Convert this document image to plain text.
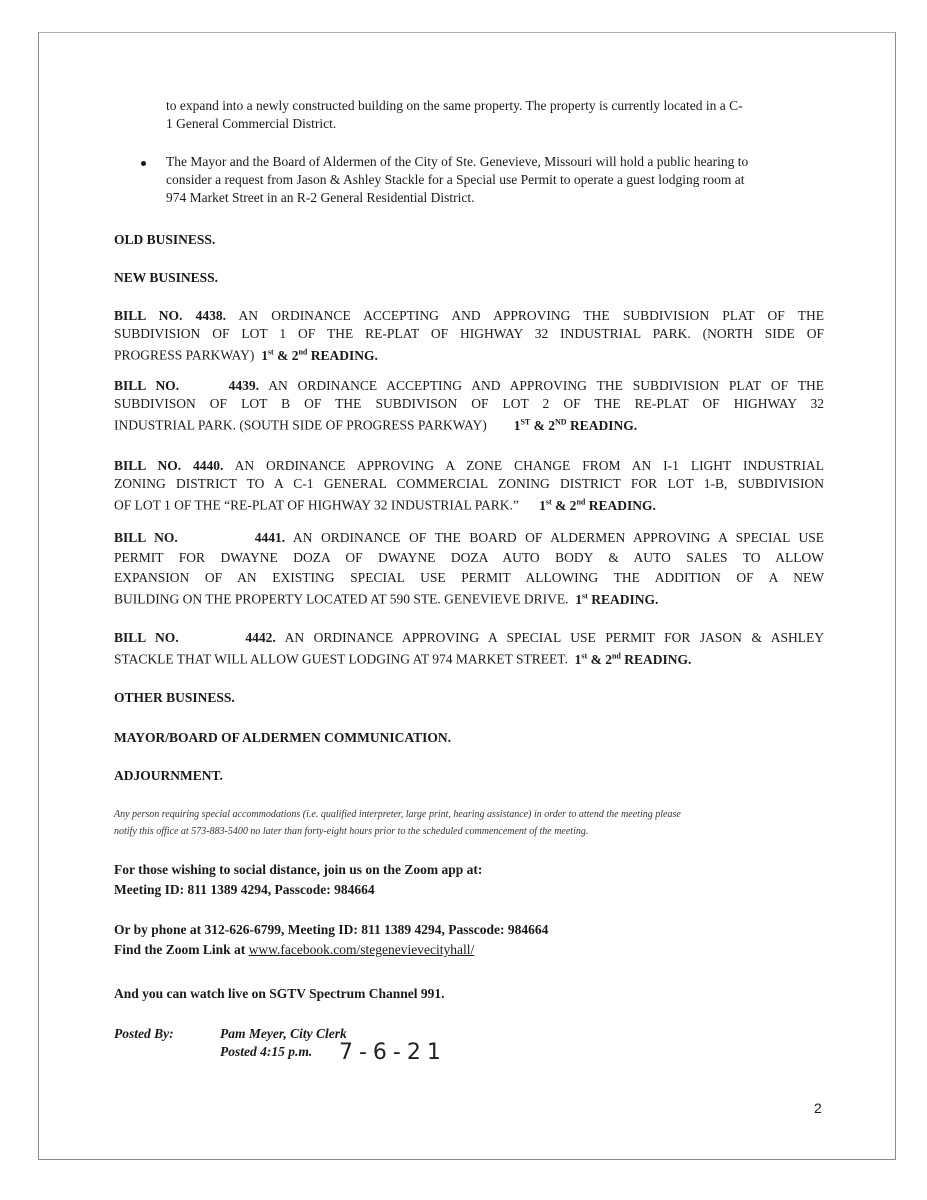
to expand into a newly constructed building on the same property. The property is currently located in a C-

1 General Commercial District.

The Mayor and the Board of Aldermen of the City of Ste. Genevieve, Missouri will hold a public hearing to

consider a request from Jason & Ashley Stackle for a Special use Permit to operate a guest lodging room at

974 Market Street in an R-2 General Residential District.

OLD BUSINESS.

NEW BUSINESS.

BILL NO. 4438. AN ORDINANCE ACCEPTING AND APPROVING THE SUBDIVISION PLAT OF THE

SUBDIVISION OF LOT 1 OF THE RE-PLAT OF HIGHWAY 32 INDUSTRIAL PARK. (NORTH SIDE OF

PROGRESS PARKWAY) 1st & 2nd READING.

BILL NO.	4439. AN ORDINANCE ACCEPTING AND APPROVING THE SUBDIVISION PLAT OF THE

SUBDIVISON OF LOT B OF THE SUBDIVISON OF LOT 2 OF THE RE-PLAT OF HIGHWAY 32

INDUSTRIAL PARK. (SOUTH SIDE OF PROGRESS PARKWAY) 1ST & 2ND READING.

BILL NO. 4440. AN ORDINANCE APPROVING A ZONE CHANGE FROM AN I-1 LIGHT INDUSTRIAL

ZONING DISTRICT TO A C-1 GENERAL COMMERCIAL ZONING DISTRICT FOR LOT 1-B, SUBDIVISION

OF LOT 1 OF THE “RE-PLAT OF HIGHWAY 32 INDUSTRIAL PARK.” 1st & 2nd READING.

BILL NO.	4441. AN ORDINANCE OF THE BOARD OF ALDERMEN APPROVING A SPECIAL USE

PERMIT FOR DWAYNE DOZA OF DWAYNE DOZA AUTO BODY & AUTO SALES TO ALLOW

EXPANSION OF AN EXISTING SPECIAL USE PERMIT ALLOWING THE ADDITION OF A NEW

BUILDING ON THE PROPERTY LOCATED AT 590 STE. GENEVIEVE DRIVE. 1st READING.

BILL NO.	4442. AN ORDINANCE APPROVING A SPECIAL USE PERMIT FOR JASON & ASHLEY

STACKLE THAT WILL ALLOW GUEST LODGING AT 974 MARKET STREET. 1st & 2nd READING.

OTHER BUSINESS.

MAYOR/BOARD OF ALDERMEN COMMUNICATION.

ADJOURNMENT.

Any person requiring special accommodations (i.e. qualified interpreter, large print, hearing assistance) in order to attend the meeting please

notify this office at 573-883-5400 no later than forty-eight hours prior to the scheduled commencement of the meeting.

For those wishing to social distance, join us on the Zoom app at:

Meeting ID: 811 1389 4294, Passcode: 984664

Or by phone at 312-626-6799, Meeting ID: 811 1389 4294, Passcode: 984664

Find the Zoom Link at www.facebook.com/stegenevievecityhall/

And you can watch live on SGTV Spectrum Channel 991.

Posted By:	Pam Meyer, City Clerk

Posted 4:15 p.m. 7-6-21
2
